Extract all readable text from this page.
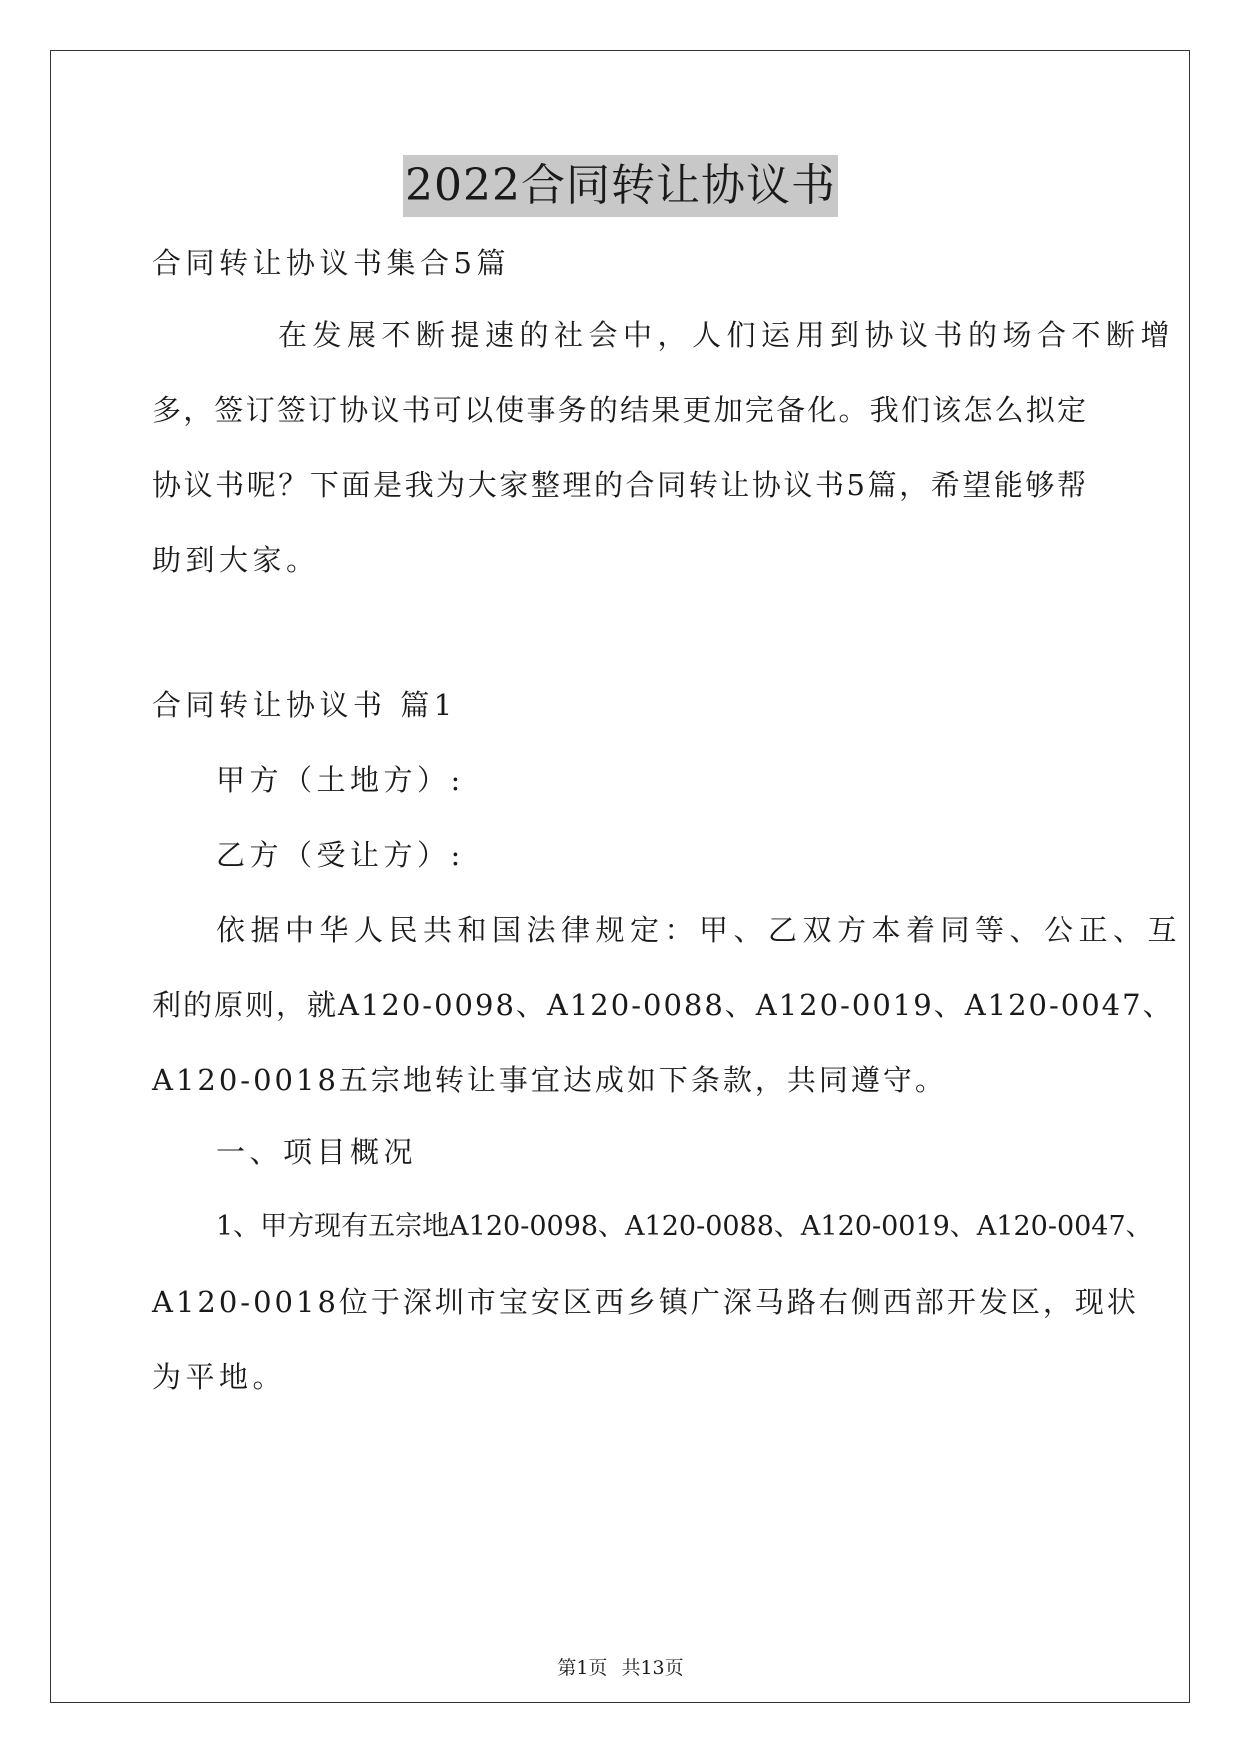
2022合同转让协议书
合同转让协议书集合5篇
在发展不断提速的社会中，人们运用到协议书的场合不断增
多，签订签订协议书可以使事务的结果更加完备化。我们该怎么拟定
协议书呢？下面是我为大家整理的合同转让协议书5篇，希望能够帮
助到大家。
合同转让协议书 篇1
甲方（土地方）:
乙方（受让方）:
依据中华人民共和国法律规定：甲、乙双方本着同等、公正、互
利的原则，就A120-0098、A120-0088、A120-0019、A120-0047、
A120-0018五宗地转让事宜达成如下条款，共同遵守。
一、项目概况
1、甲方现有五宗地A120-0098、A120-0088、A120-0019、A120-0047、
A120-0018位于深圳市宝安区西乡镇广深马路右侧西部开发区，现状
为平地。
第1页 共13页
